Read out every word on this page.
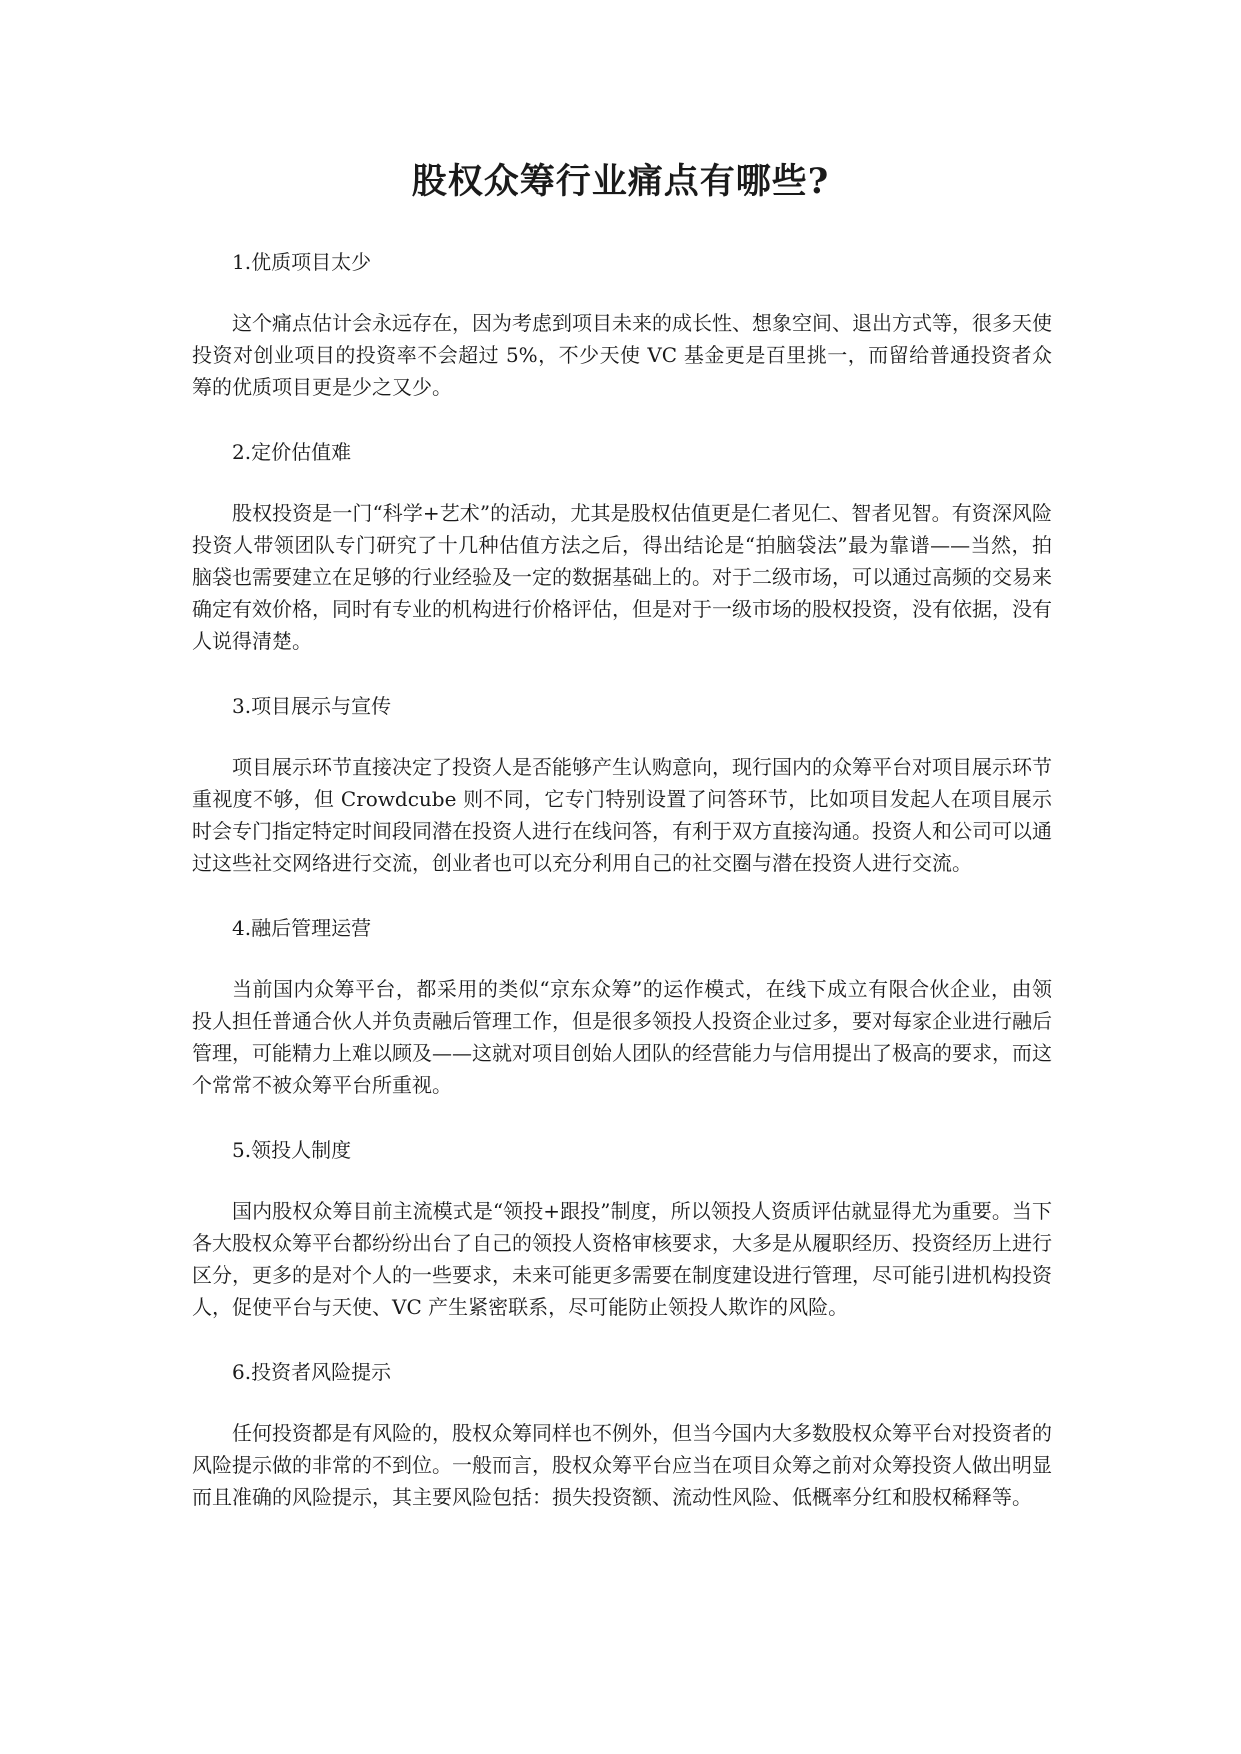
股权众筹行业痛点有哪些?

1.优质项目太少

这个痛点估计会永远存在，因为考虑到项目未来的成长性、想象空间、退出方式等，很多天使投资对创业项目的投资率不会超过 5%，不少天使 VC 基金更是百里挑一，而留给普通投资者众筹的优质项目更是少之又少。

2.定价估值难

股权投资是一门“科学+艺术”的活动，尤其是股权估值更是仁者见仁、智者见智。有资深风险投资人带领团队专门研究了十几种估值方法之后，得出结论是“拍脑袋法”最为靠谱——当然，拍脑袋也需要建立在足够的行业经验及一定的数据基础上的。对于二级市场，可以通过高频的交易来确定有效价格，同时有专业的机构进行价格评估，但是对于一级市场的股权投资，没有依据，没有人说得清楚。

3.项目展示与宣传

项目展示环节直接决定了投资人是否能够产生认购意向，现行国内的众筹平台对项目展示环节重视度不够，但 Crowdcube 则不同，它专门特别设置了问答环节，比如项目发起人在项目展示时会专门指定特定时间段同潜在投资人进行在线问答，有利于双方直接沟通。投资人和公司可以通过这些社交网络进行交流，创业者也可以充分利用自己的社交圈与潜在投资人进行交流。

4.融后管理运营

当前国内众筹平台，都采用的类似“京东众筹”的运作模式，在线下成立有限合伙企业，由领投人担任普通合伙人并负责融后管理工作，但是很多领投人投资企业过多，要对每家企业进行融后管理，可能精力上难以顾及——这就对项目创始人团队的经营能力与信用提出了极高的要求，而这个常常不被众筹平台所重视。

5.领投人制度

国内股权众筹目前主流模式是“领投+跟投”制度，所以领投人资质评估就显得尤为重要。当下各大股权众筹平台都纷纷出台了自己的领投人资格审核要求，大多是从履职经历、投资经历上进行区分，更多的是对个人的一些要求，未来可能更多需要在制度建设进行管理，尽可能引进机构投资人，促使平台与天使、VC 产生紧密联系，尽可能防止领投人欺诈的风险。

6.投资者风险提示

任何投资都是有风险的，股权众筹同样也不例外，但当今国内大多数股权众筹平台对投资者的风险提示做的非常的不到位。一般而言，股权众筹平台应当在项目众筹之前对众筹投资人做出明显而且准确的风险提示，其主要风险包括：损失投资额、流动性风险、低概率分红和股权稀释等。
